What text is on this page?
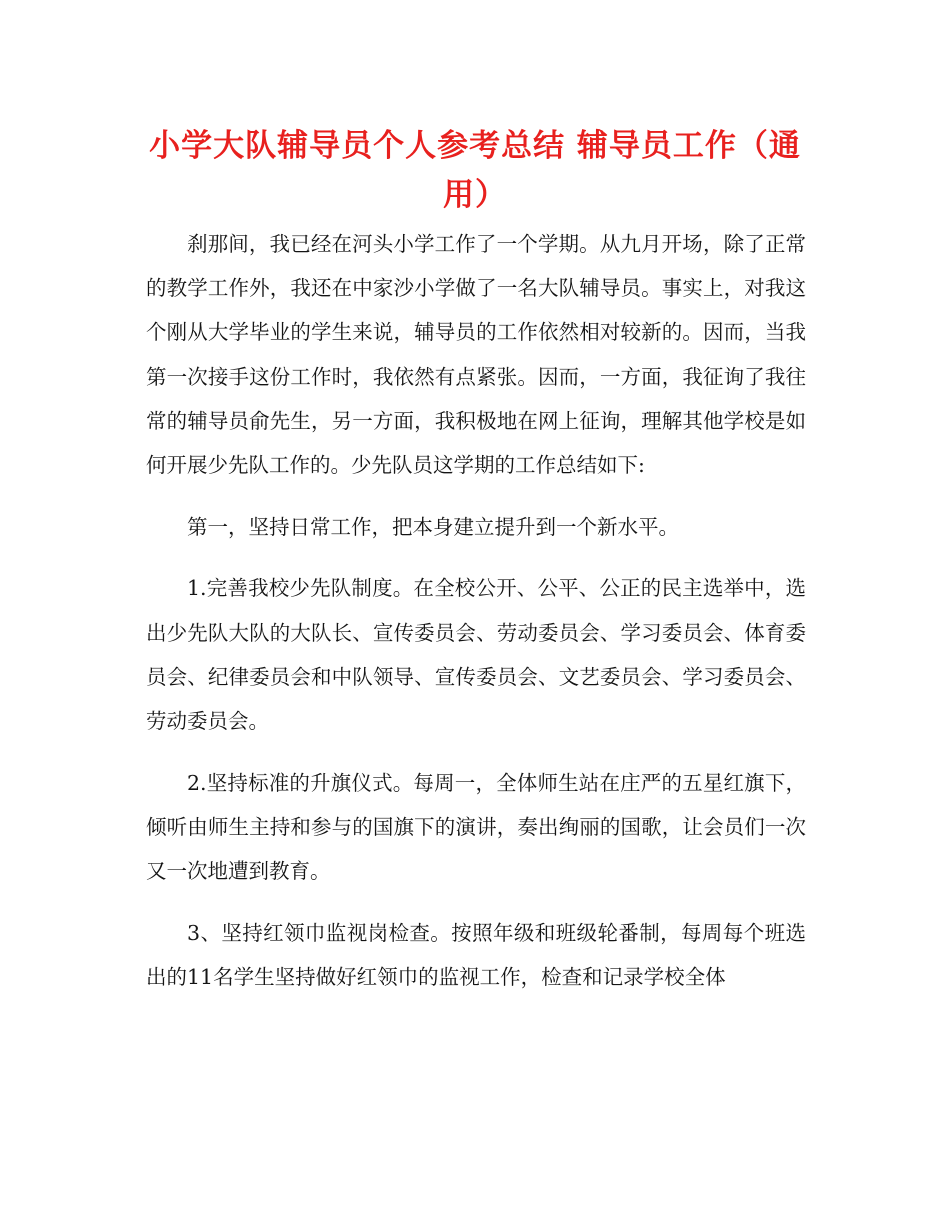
小学大队辅导员个人参考总结 辅导员工作（通用）

刹那间，我已经在河头小学工作了一个学期。从九月开场，除了正常的教学工作外，我还在中家沙小学做了一名大队辅导员。事实上，对我这个刚从大学毕业的学生来说，辅导员的工作依然相对较新的。因而，当我第一次接手这份工作时，我依然有点紧张。因而，一方面，我征询了我往常的辅导员俞先生，另一方面，我积极地在网上征询，理解其他学校是如何开展少先队工作的。少先队员这学期的工作总结如下:

第一，坚持日常工作，把本身建立提升到一个新水平。

1.完善我校少先队制度。在全校公开、公平、公正的民主选举中，选出少先队大队的大队长、宣传委员会、劳动委员会、学习委员会、体育委员会、纪律委员会和中队领导、宣传委员会、文艺委员会、学习委员会、劳动委员会。

2.坚持标准的升旗仪式。每周一，全体师生站在庄严的五星红旗下，倾听由师生主持和参与的国旗下的演讲，奏出绚丽的国歌，让会员们一次又一次地遭到教育。

3、坚持红领巾监视岗检查。按照年级和班级轮番制，每周每个班选出的11名学生坚持做好红领巾的监视工作，检查和记录学校全体
